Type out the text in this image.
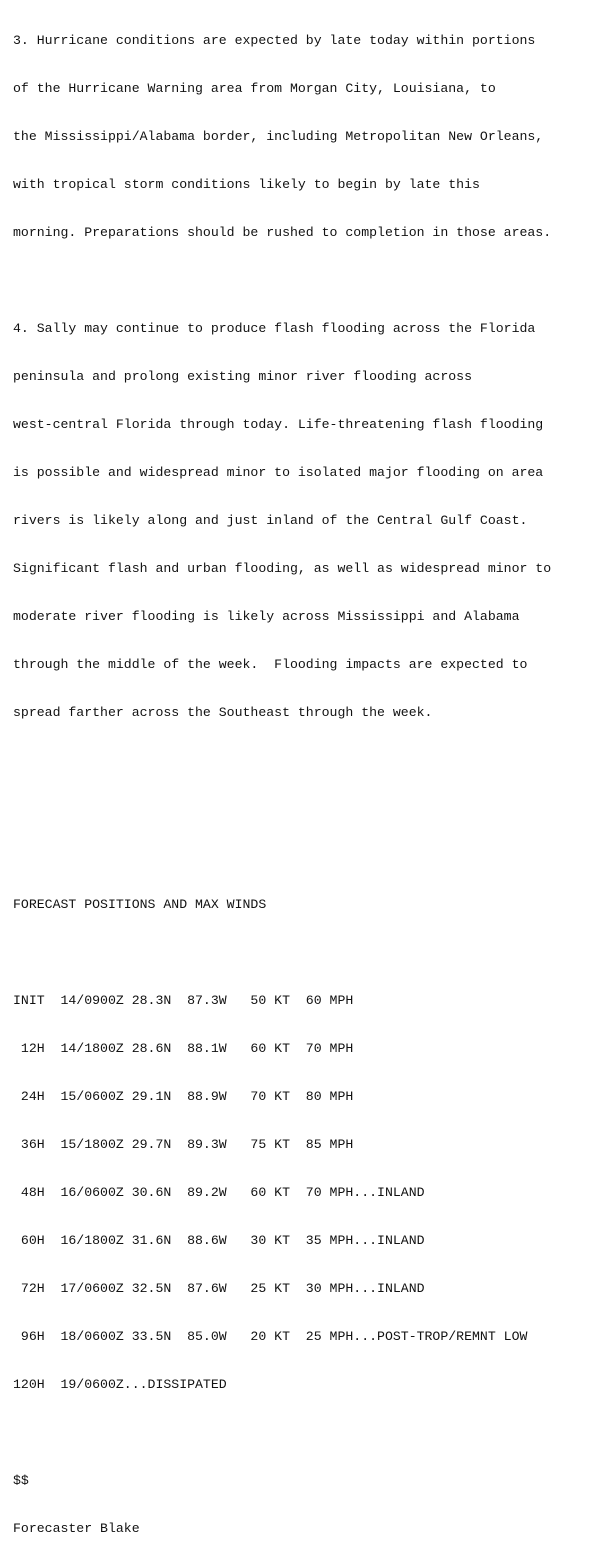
3. Hurricane conditions are expected by late today within portions

of the Hurricane Warning area from Morgan City, Louisiana, to

the Mississippi/Alabama border, including Metropolitan New Orleans,

with tropical storm conditions likely to begin by late this

morning. Preparations should be rushed to completion in those areas.

4. Sally may continue to produce flash flooding across the Florida

peninsula and prolong existing minor river flooding across

west-central Florida through today. Life-threatening flash flooding

is possible and widespread minor to isolated major flooding on area

rivers is likely along and just inland of the Central Gulf Coast.

Significant flash and urban flooding, as well as widespread minor to

moderate river flooding is likely across Mississippi and Alabama

through the middle of the week.  Flooding impacts are expected to

spread farther across the Southeast through the week.

FORECAST POSITIONS AND MAX WINDS

INIT  14/0900Z 28.3N  87.3W   50 KT  60 MPH

12H  14/1800Z 28.6N  88.1W   60 KT  70 MPH

24H  15/0600Z 29.1N  88.9W   70 KT  80 MPH

36H  15/1800Z 29.7N  89.3W   75 KT  85 MPH

48H  16/0600Z 30.6N  89.2W   60 KT  70 MPH...INLAND

60H  16/1800Z 31.6N  88.6W   30 KT  35 MPH...INLAND

72H  17/0600Z 32.5N  87.6W   25 KT  30 MPH...INLAND

96H  18/0600Z 33.5N  85.0W   20 KT  25 MPH...POST-TROP/REMNT LOW

120H  19/0600Z...DISSIPATED

$$

Forecaster Blake
